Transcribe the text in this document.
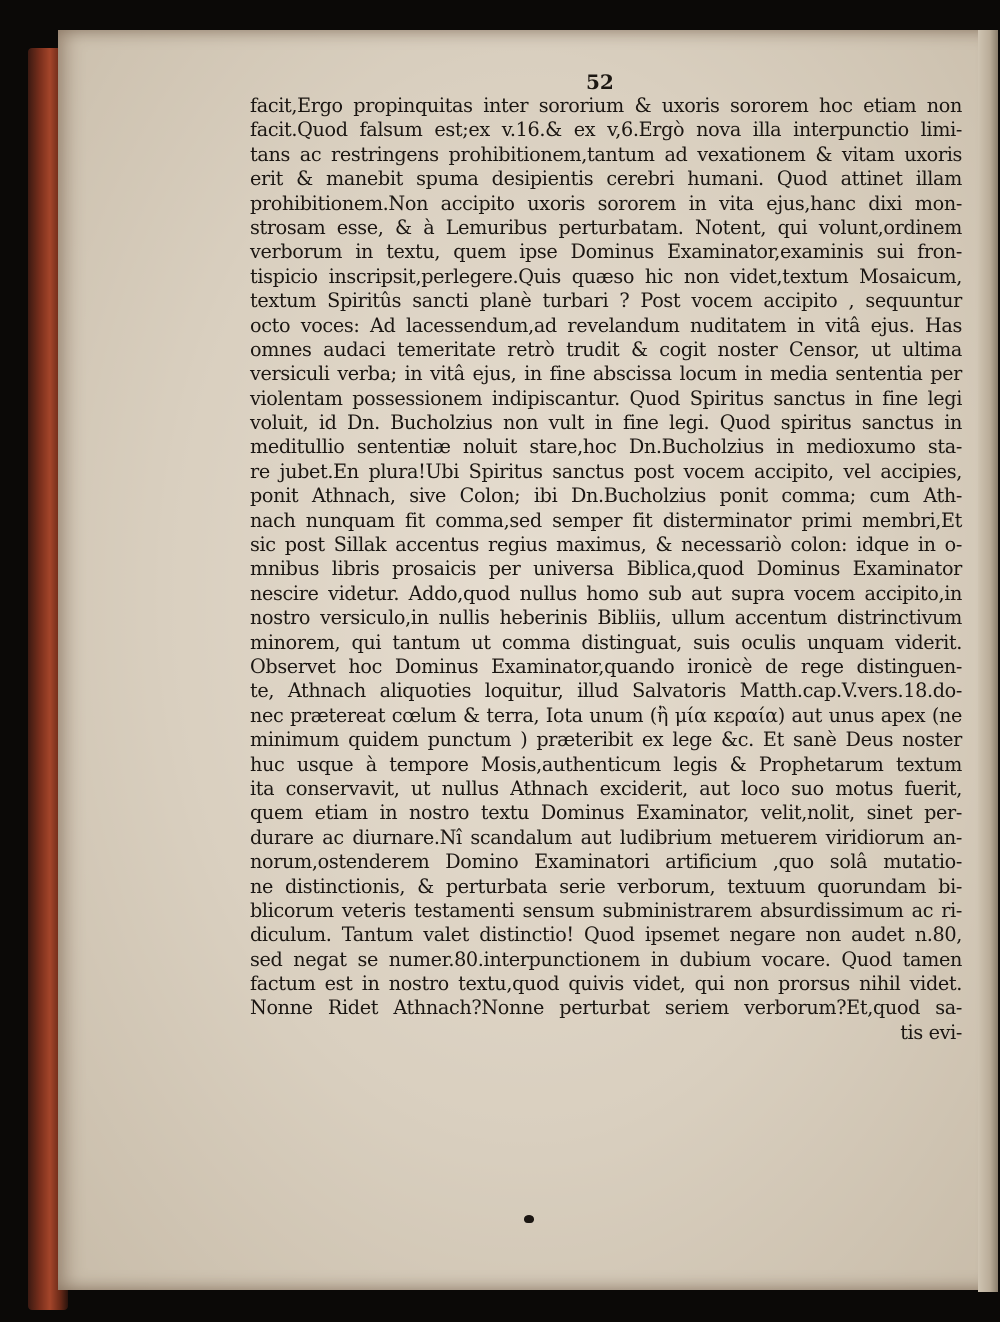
52
facit,Ergo propinquitas inter sororium & uxoris sororem hoc etiam non
facit.Quod falsum est;ex v.16.& ex v,6.Ergò nova illa interpunctio limi-
tans ac restringens prohibitionem,tantum ad vexationem & vitam uxoris
erit & manebit spuma desipientis cerebri humani. Quod attinet illam
prohibitionem.Non accipito uxoris sororem in vita ejus,hanc dixi mon-
strosam esse, & à Lemuribus perturbatam. Notent, qui volunt,ordinem
verborum in textu, quem ipse Dominus Examinator,examinis sui fron-
tispicio inscripsit,perlegere.Quis quæso hic non videt,textum Mosaicum,
textum Spiritûs sancti planè turbari ? Post vocem accipito , sequuntur
octo voces: Ad lacessendum,ad revelandum nuditatem in vitâ ejus. Has
omnes audaci temeritate retrò trudit & cogit noster Censor, ut ultima
versiculi verba; in vitâ ejus, in fine abscissa locum in media sententia per
violentam possessionem indipiscantur. Quod Spiritus sanctus in fine legi
voluit, id Dn. Bucholzius non vult in fine legi. Quod spiritus sanctus in
meditullio sententiæ noluit stare,hoc Dn.Bucholzius in medioxumo sta-
re jubet.En plura!Ubi Spiritus sanctus post vocem accipito, vel accipies,
ponit Athnach, sive Colon; ibi Dn.Bucholzius ponit comma; cum Ath-
nach nunquam fit comma,sed semper fit disterminator primi membri,Et
sic post Sillak accentus regius maximus, & necessariò colon: idque in o-
mnibus libris prosaicis per universa Biblica,quod Dominus Examinator
nescire videtur. Addo,quod nullus homo sub aut supra vocem accipito,in
nostro versiculo,in nullis heberinis Bibliis, ullum accentum distrinctivum
minorem, qui tantum ut comma distinguat, suis oculis unquam viderit.
Observet hoc Dominus Examinator,quando ironicè de rege distinguen-
te, Athnach aliquoties loquitur, illud Salvatoris Matth.cap.V.vers.18.do-
nec prætereat cœlum & terra, Iota unum (ἢ μία κεραία) aut unus apex (ne
minimum quidem punctum ) præteribit ex lege &c. Et sanè Deus noster
huc usque à tempore Mosis,authenticum legis & Prophetarum textum
ita conservavit, ut nullus Athnach exciderit, aut loco suo motus fuerit,
quem etiam in nostro textu Dominus Examinator, velit,nolit, sinet per-
durare ac diurnare.Nî scandalum aut ludibrium metuerem viridiorum an-
norum,ostenderem Domino Examinatori artificium ,quo solâ mutatio-
ne distinctionis, & perturbata serie verborum, textuum quorundam bi-
blicorum veteris testamenti sensum subministrarem absurdissimum ac ri-
diculum. Tantum valet distinctio! Quod ipsemet negare non audet n.80,
sed negat se numer.80.interpunctionem in dubium vocare. Quod tamen
factum est in nostro textu,quod quivis videt, qui non prorsus nihil videt.
Nonne Ridet Athnach?Nonne perturbat seriem verborum?Et,quod sa-
tis evi-
